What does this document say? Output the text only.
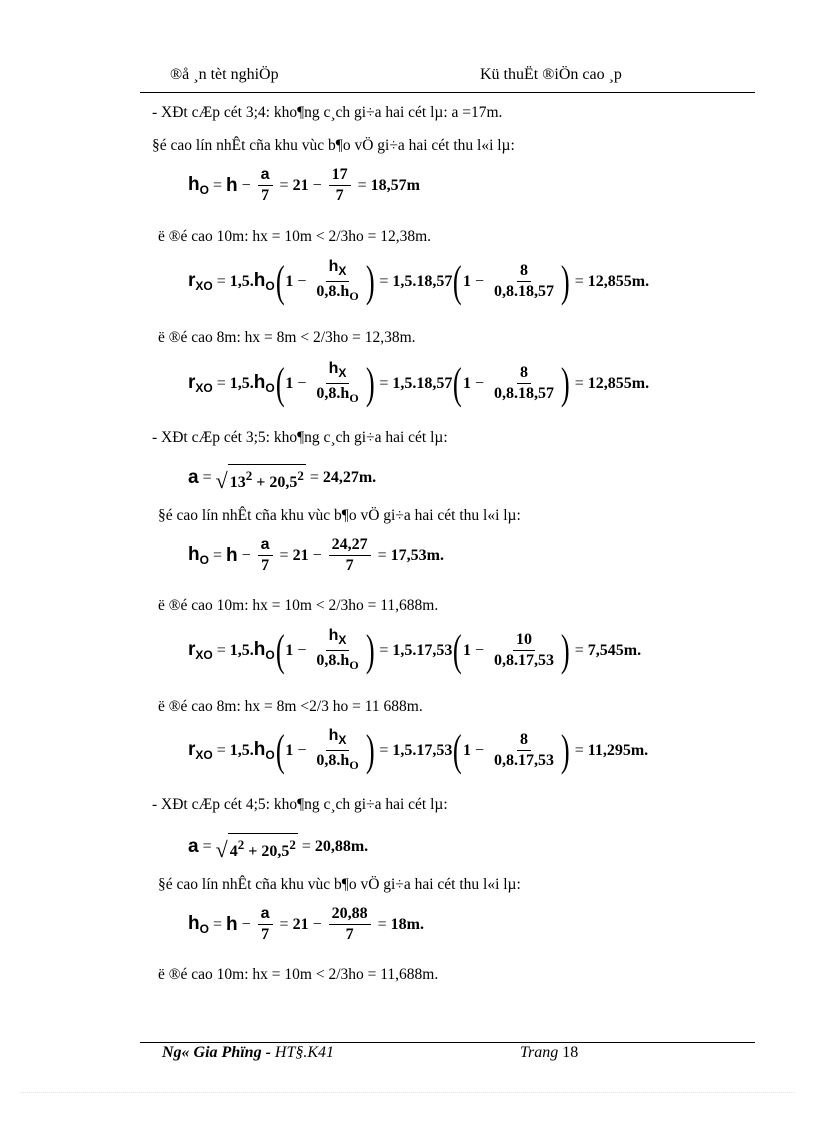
®å ¸n tèt nghiÖp	Kü thuËt ®iÖn cao ¸p
- XÐt cÆp cét 3;4: kho¶ng c¸ch gi÷a hai cét lµ: a =17m.
§é cao lín nhÊt cña khu vùc b¶o vÖ gi÷a hai cét thu l«i lµ:
$h_O = h - \frac{a}{7} = 21 - \frac{17}{7} = 18,57m$
ë ®é cao 10m: hx = 10m < 2/3ho = 12,38m.
$r_{XO} = 1,5$ . $h_O$ ( $1 - \frac{h_X}{0,8.h_O}$ ) = 1,5 . 18,57 ( $1 - \frac{8}{0,8.18,57}$ ) = 12,855m.
ë ®é cao 8m: hx = 8m < 2/3ho = 12,38m.
$r_{XO} = 1,5$ . $h_O$ ( $1 - \frac{h_X}{0,8.h_O}$ ) = 1,5 . 18,57 ( $1 - \frac{8}{0,8.18,57}$ ) = 12,855m.
- XÐt cÆp cét 3;5: kho¶ng c¸ch gi÷a hai cét lµ:
a = √ $13^2 + 20,5^2 = 24,27m$.
§é cao lín nhÊt cña khu vùc b¶o vÖ gi÷a hai cét thu l«i lµ:
$h_O = h - \frac{a}{7} = 21 - \frac{24,27}{7} = 17,53m$.
ë ®é cao 10m: hx = 10m < 2/3ho = 11,688m.
$r_{XO} = 1,5$ . $h_O$ ( $1 - \frac{h_X}{0,8.h_O}$ ) = 1,5 . 17,53 ( $1 - \frac{10}{0,8.17,53}$ ) = 7,545m.
ë ®é cao 8m: hx = 8m <2/3 ho = 11 688m.
$r_{XO} = 1,5$ . $h_O$ ( $1 - \frac{h_X}{0,8.h_O}$ ) = 1,5 . 17,53 ( $1 - \frac{8}{0,8.17,53}$ ) = 11,295m.
- XÐt cÆp cét 4;5: kho¶ng c¸ch gi÷a hai cét lµ:
a = √ $4^2 + 20,5^2 = 20,88m$.
§é cao lín nhÊt cña khu vùc b¶o vÖ gi÷a hai cét thu l«i lµ:
$h_O = h - \frac{a}{7} = 21 - \frac{20,88}{7} = 18m$.
ë ®é cao 10m: hx = 10m < 2/3ho = 11,688m.
Ng« Gia Phïng - HT§.K41	Trang 18
